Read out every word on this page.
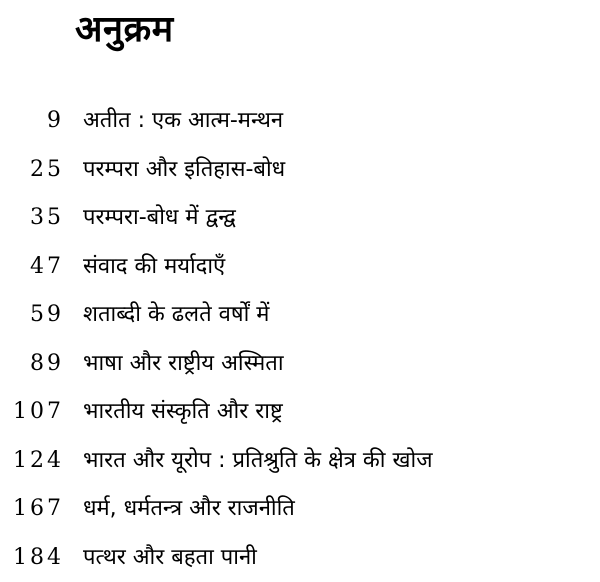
अनुक्रम
9 अतीत : एक आत्म-मन्थन
25 परम्परा और इतिहास-बोध
35 परम्परा-बोध में द्वन्द्व
47 संवाद की मर्यादाएँ
59 शताब्दी के ढलते वर्षों में
89 भाषा और राष्ट्रीय अस्मिता
107 भारतीय संस्कृति और राष्ट्र
124 भारत और यूरोप : प्रतिश्रुति के क्षेत्र की खोज
167 धर्म, धर्मतन्त्र और राजनीति
184 पत्थर और बहता पानी
